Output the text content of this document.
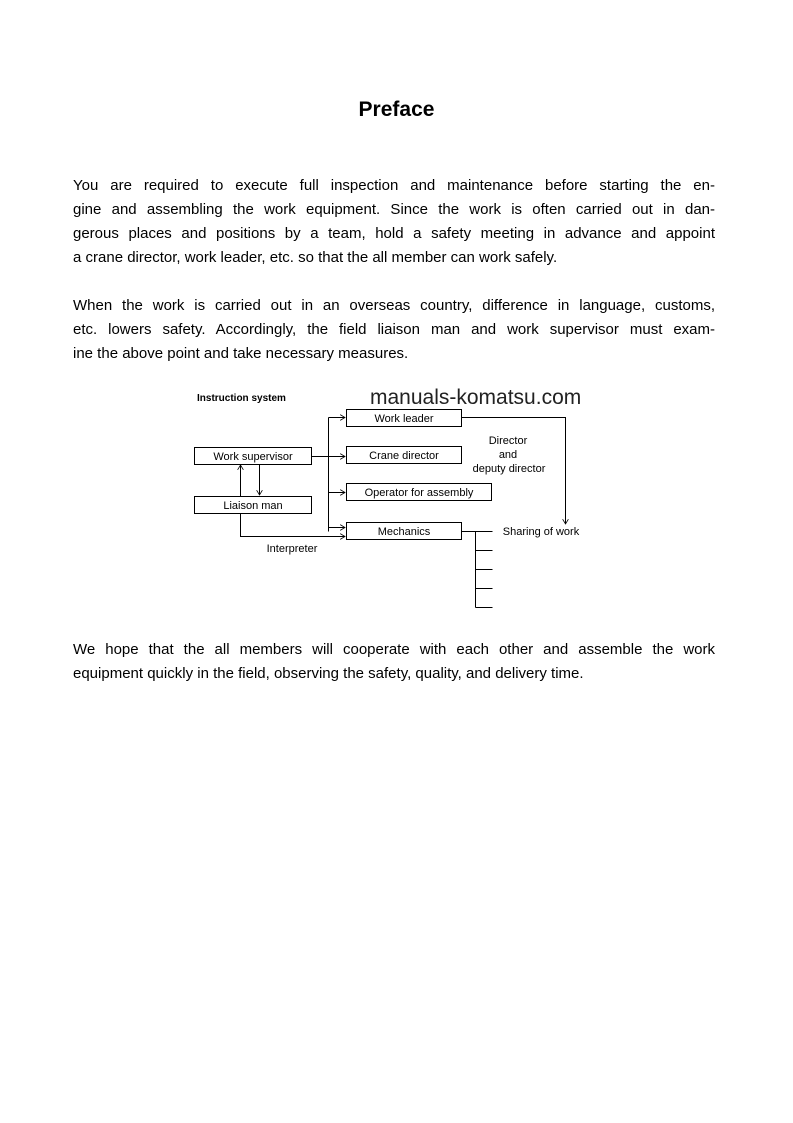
Preface
You are required to execute full inspection and maintenance before starting the en-
gine and assembling the work equipment. Since the work is often carried out in dan-
gerous places and positions by a team, hold a safety meeting in advance and appoint
a crane director, work leader, etc. so that the all member can work safely.
When the work is carried out in an overseas country, difference in language, customs,
etc. lowers safety. Accordingly, the field liaison man and work supervisor must exam-
ine the above point and take necessary measures.
We hope that the all members will cooperate with each other and assemble the work
equipment quickly in the field, observing the safety, quality, and delivery time.
manuals-komatsu.com
Instruction system
Work leader
Crane director
Operator for assembly
Mechanics
Work supervisor
Liaison man
Interpreter
Director
and
deputy director
Sharing of work
